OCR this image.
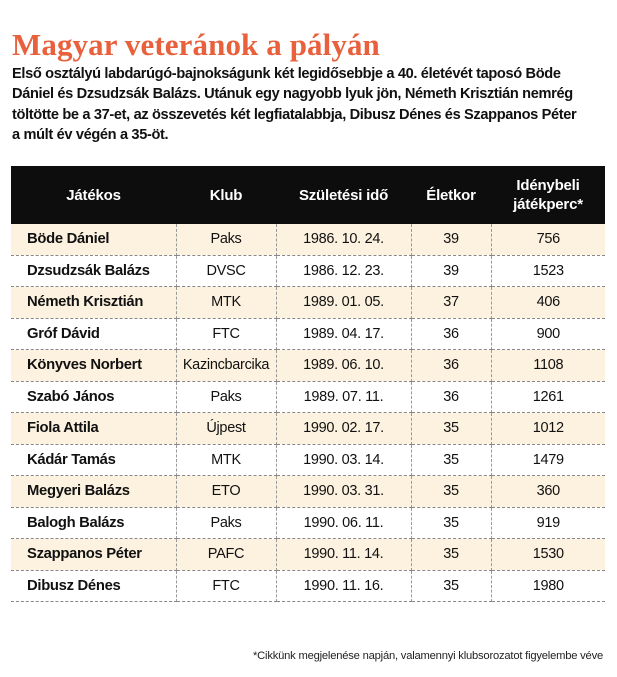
Magyar veteránok a pályán

Első osztályú labdarúgó-bajnokságunk két legidősebbje a 40. életévét taposó Böde Dániel és Dzsudzsák Balázs. Utánuk egy nagyobb lyuk jön, Németh Krisztián nemrég töltötte be a 37-et, az összevetés két legfiatalabbja, Dibusz Dénes és Szappanos Péter a múlt év végén a 35-öt.

Játékos	Klub	Születési idő	Életkor	Idénybeli
játékperc*
Böde Dániel	Paks	1986. 10. 24.	39	756
Dzsudzsák Balázs	DVSC	1986. 12. 23.	39	1523
Németh Krisztián	MTK	1989. 01. 05.	37	406
Gróf Dávid	FTC	1989. 04. 17.	36	900
Könyves Norbert	Kazincbarcika	1989. 06. 10.	36	1108
Szabó János	Paks	1989. 07. 11.	36	1261
Fiola Attila	Újpest	1990. 02. 17.	35	1012
Kádár Tamás	MTK	1990. 03. 14.	35	1479
Megyeri Balázs	ETO	1990. 03. 31.	35	360
Balogh Balázs	Paks	1990. 06. 11.	35	919
Szappanos Péter	PAFC	1990. 11. 14.	35	1530
Dibusz Dénes	FTC	1990. 11. 16.	35	1980
*Cikkünk megjelenése napján, valamennyi klubsorozatot figyelembe véve
